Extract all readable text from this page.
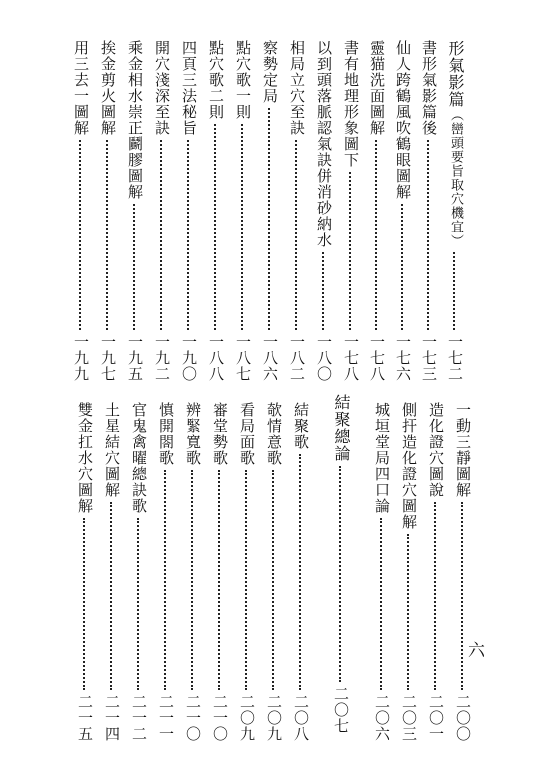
形氣影篇（巒頭要旨取穴機宜）
一七二
書形氣影篇後
一七三
仙人跨鶴風吹鶴眼圖解
一七六
靈猫洗面圖解
一七八
書有地理形象圖下
一七八
以到頭落脈認氣訣併消砂納水
一八〇
相局立穴至訣
一八二
察勢定局
一八六
點穴歌一則
一八七
點穴歌二則
一八八
四頁三法秘旨
一九〇
開穴淺深至訣
一九二
乘金相水崇正鬬膠圖解
一九五
挨金剪火圖解
一九七
用三去一圖解
一九九
一動三靜圖解
二〇〇
造化證穴圖說
二〇一
側扞造化證穴圖解
二〇三
城垣堂局四口論
二〇六
結聚總論
二〇七
結聚歌
二〇八
欹情意歌
二〇九
看局面歌
二〇九
審堂勢歌
二一〇
辨緊寬歌
二一〇
慎開閤歌
二一一
官鬼禽曜總訣歌
二一二
土星結穴圖解
二一四
雙金扛水穴圖解
二一五
六
